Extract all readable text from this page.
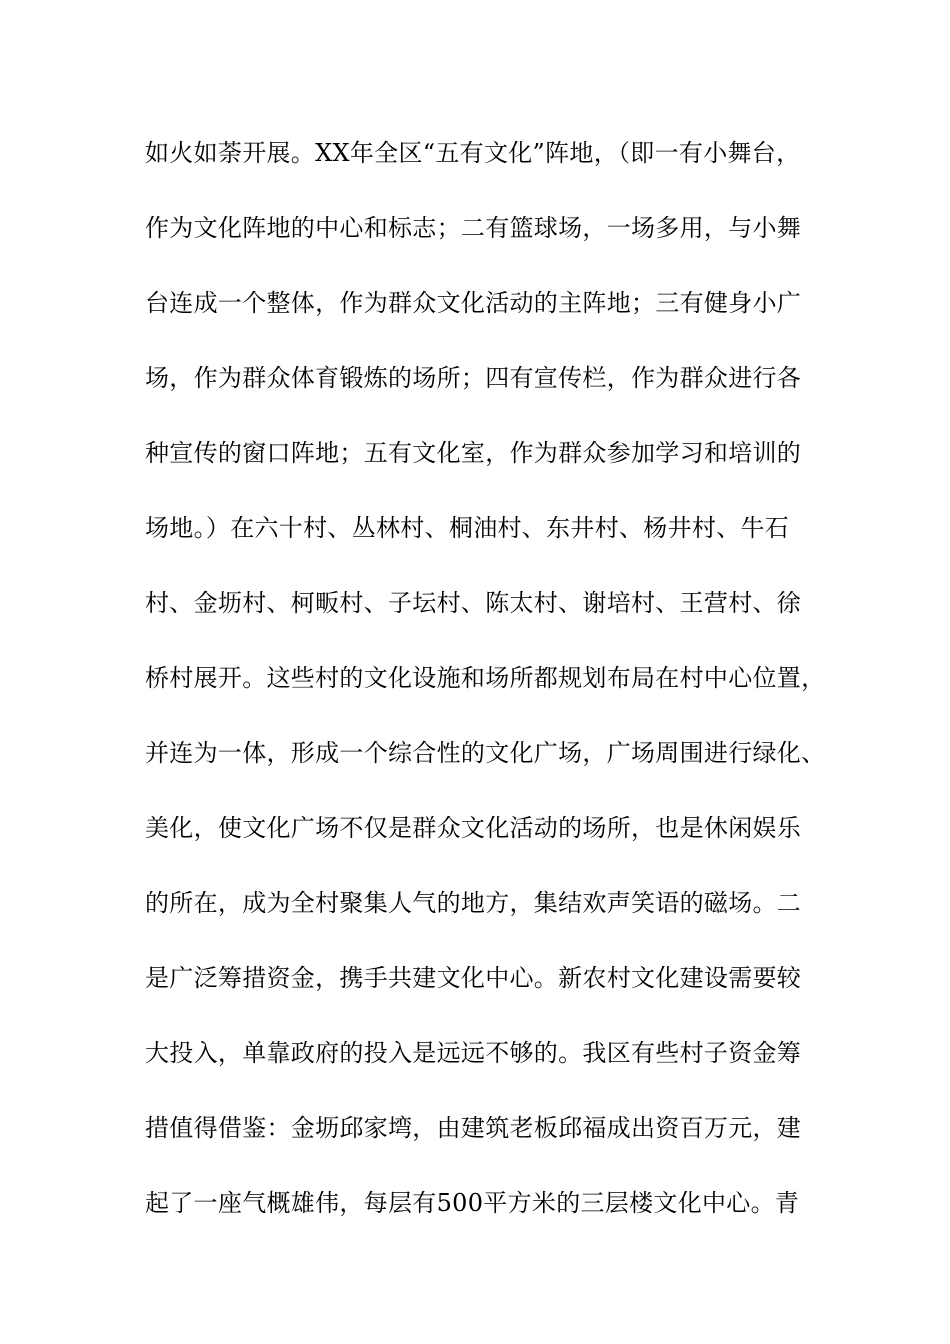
如火如荼开展。XX年全区“五有文化”阵地，（即一有小舞台，
作为文化阵地的中心和标志；二有篮球场，一场多用，与小舞
台连成一个整体，作为群众文化活动的主阵地；三有健身小广
场，作为群众体育锻炼的场所；四有宣传栏，作为群众进行各
种宣传的窗口阵地；五有文化室，作为群众参加学习和培训的
场地。）在六十村、丛林村、桐油村、东井村、杨井村、牛石
村、金坜村、柯畈村、子坛村、陈太村、谢培村、王营村、徐
桥村展开。这些村的文化设施和场所都规划布局在村中心位置，
并连为一体，形成一个综合性的文化广场，广场周围进行绿化、
美化，使文化广场不仅是群众文化活动的场所，也是休闲娱乐
的所在，成为全村聚集人气的地方，集结欢声笑语的磁场。二
是广泛筹措资金，携手共建文化中心。新农村文化建设需要较
大投入，单靠政府的投入是远远不够的。我区有些村子资金筹
措值得借鉴：金坜邱家塆，由建筑老板邱福成出资百万元，建
起了一座气概雄伟，每层有500平方米的三层楼文化中心。青
